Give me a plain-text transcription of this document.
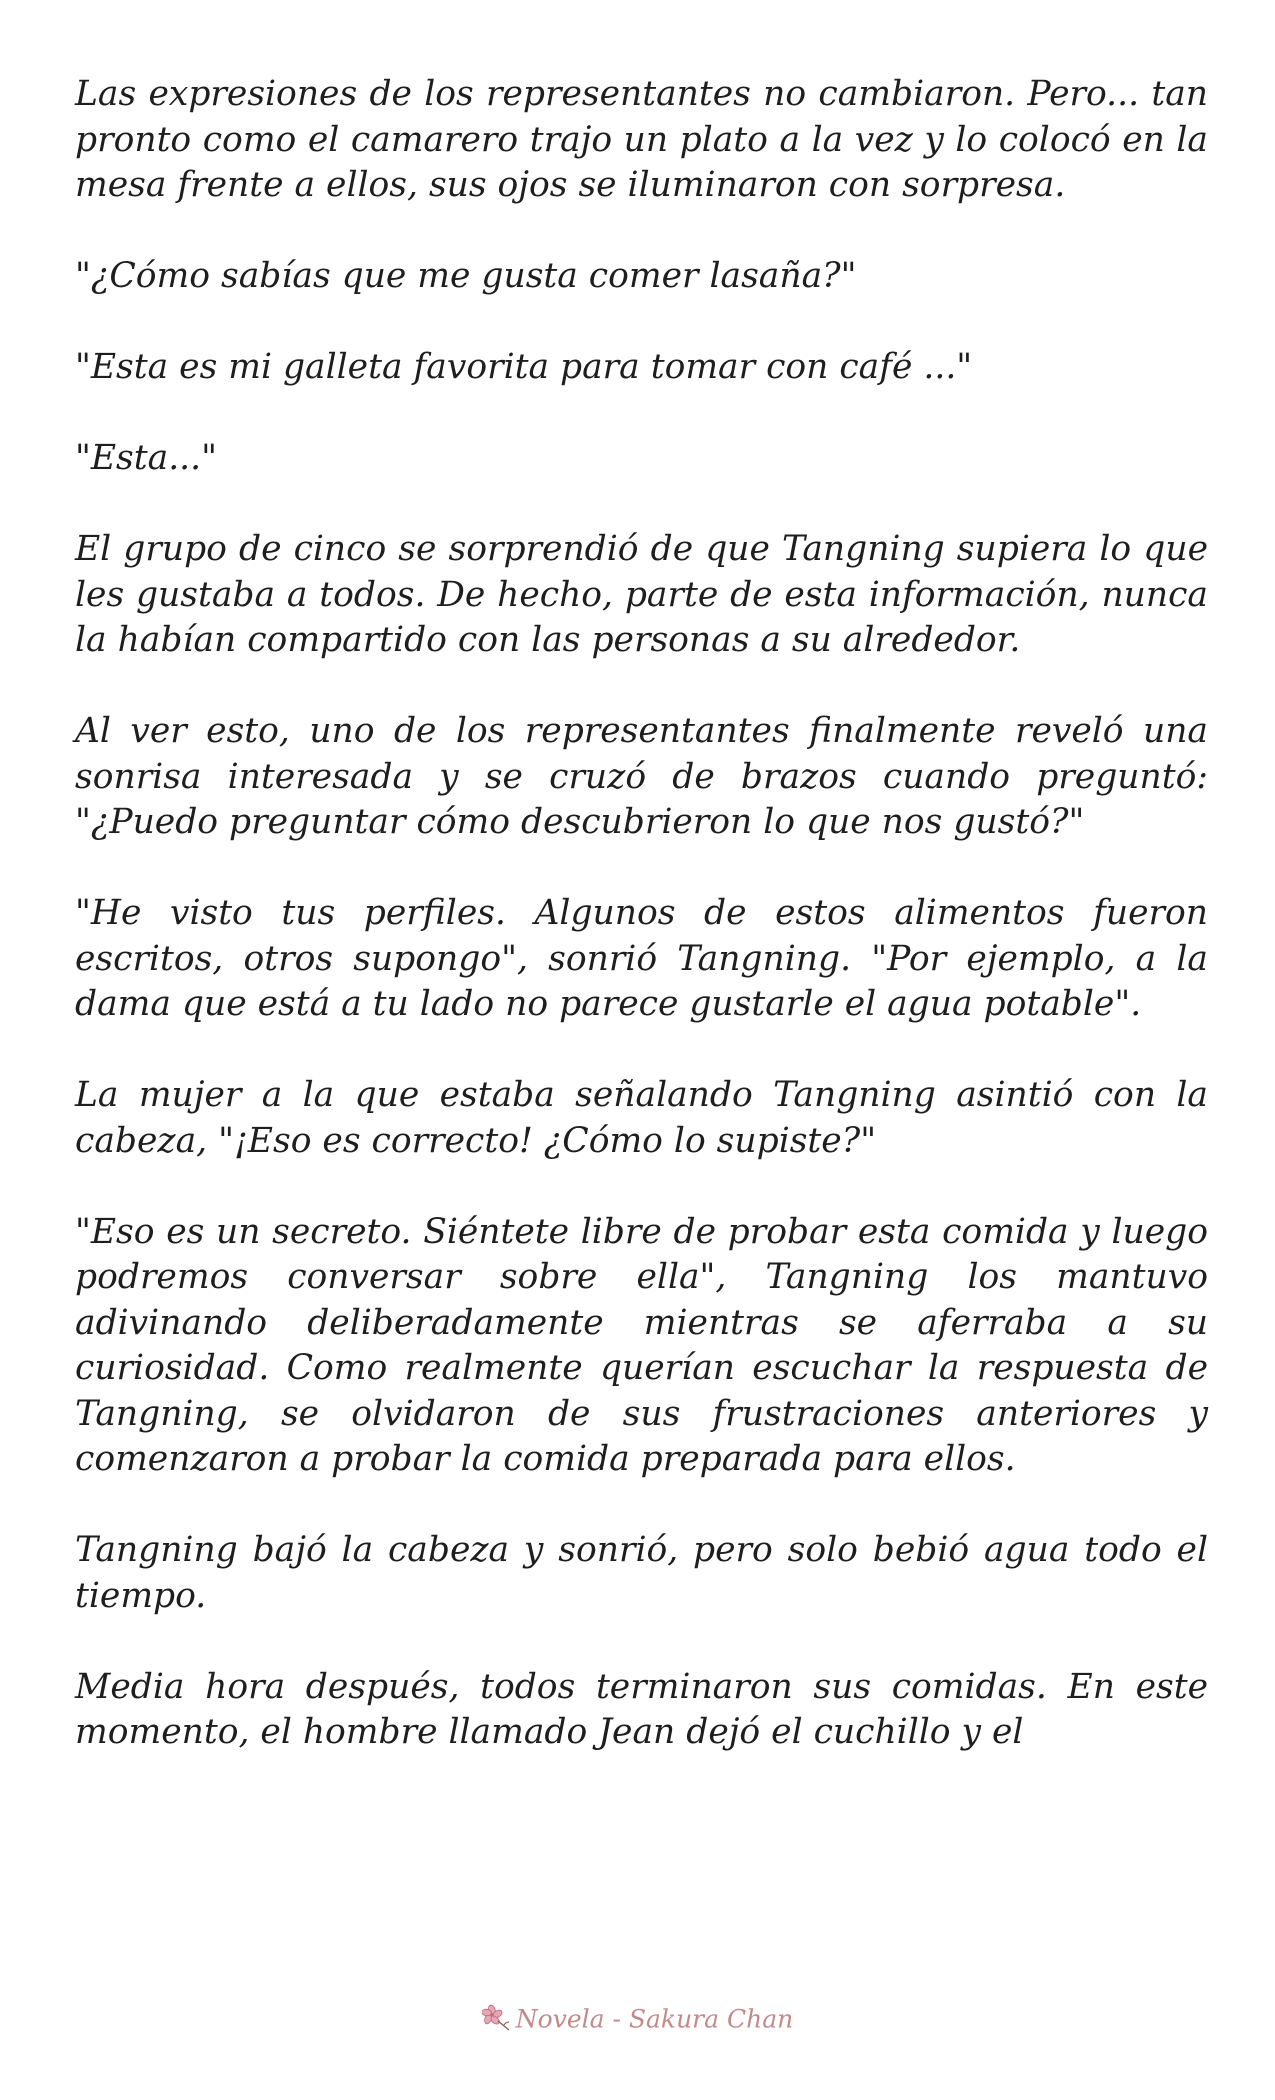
Las expresiones de los representantes no cambiaron. Pero... tan pronto como el camarero trajo un plato a la vez y lo colocó en la mesa frente a ellos, sus ojos se iluminaron con sorpresa.

"¿Cómo sabías que me gusta comer lasaña?"

"Esta es mi galleta favorita para tomar con café ..."

"Esta..."

El grupo de cinco se sorprendió de que Tangning supiera lo que les gustaba a todos. De hecho, parte de esta información, nunca la habían compartido con las personas a su alrededor.

Al ver esto, uno de los representantes finalmente reveló una sonrisa interesada y se cruzó de brazos cuando preguntó: "¿Puedo preguntar cómo descubrieron lo que nos gustó?"

"He visto tus perfiles. Algunos de estos alimentos fueron escritos, otros supongo", sonrió Tangning. "Por ejemplo, a la dama que está a tu lado no parece gustarle el agua potable".

La mujer a la que estaba señalando Tangning asintió con la cabeza, "¡Eso es correcto! ¿Cómo lo supiste?"

"Eso es un secreto. Siéntete libre de probar esta comida y luego podremos conversar sobre ella", Tangning los mantuvo adivinando deliberadamente mientras se aferraba a su curiosidad. Como realmente querían escuchar la respuesta de Tangning, se olvidaron de sus frustraciones anteriores y comenzaron a probar la comida preparada para ellos.

Tangning bajó la cabeza y sonrió, pero solo bebió agua todo el tiempo.

Media hora después, todos terminaron sus comidas. En este momento, el hombre llamado Jean dejó el cuchillo y el

Novela - Sakura Chan
